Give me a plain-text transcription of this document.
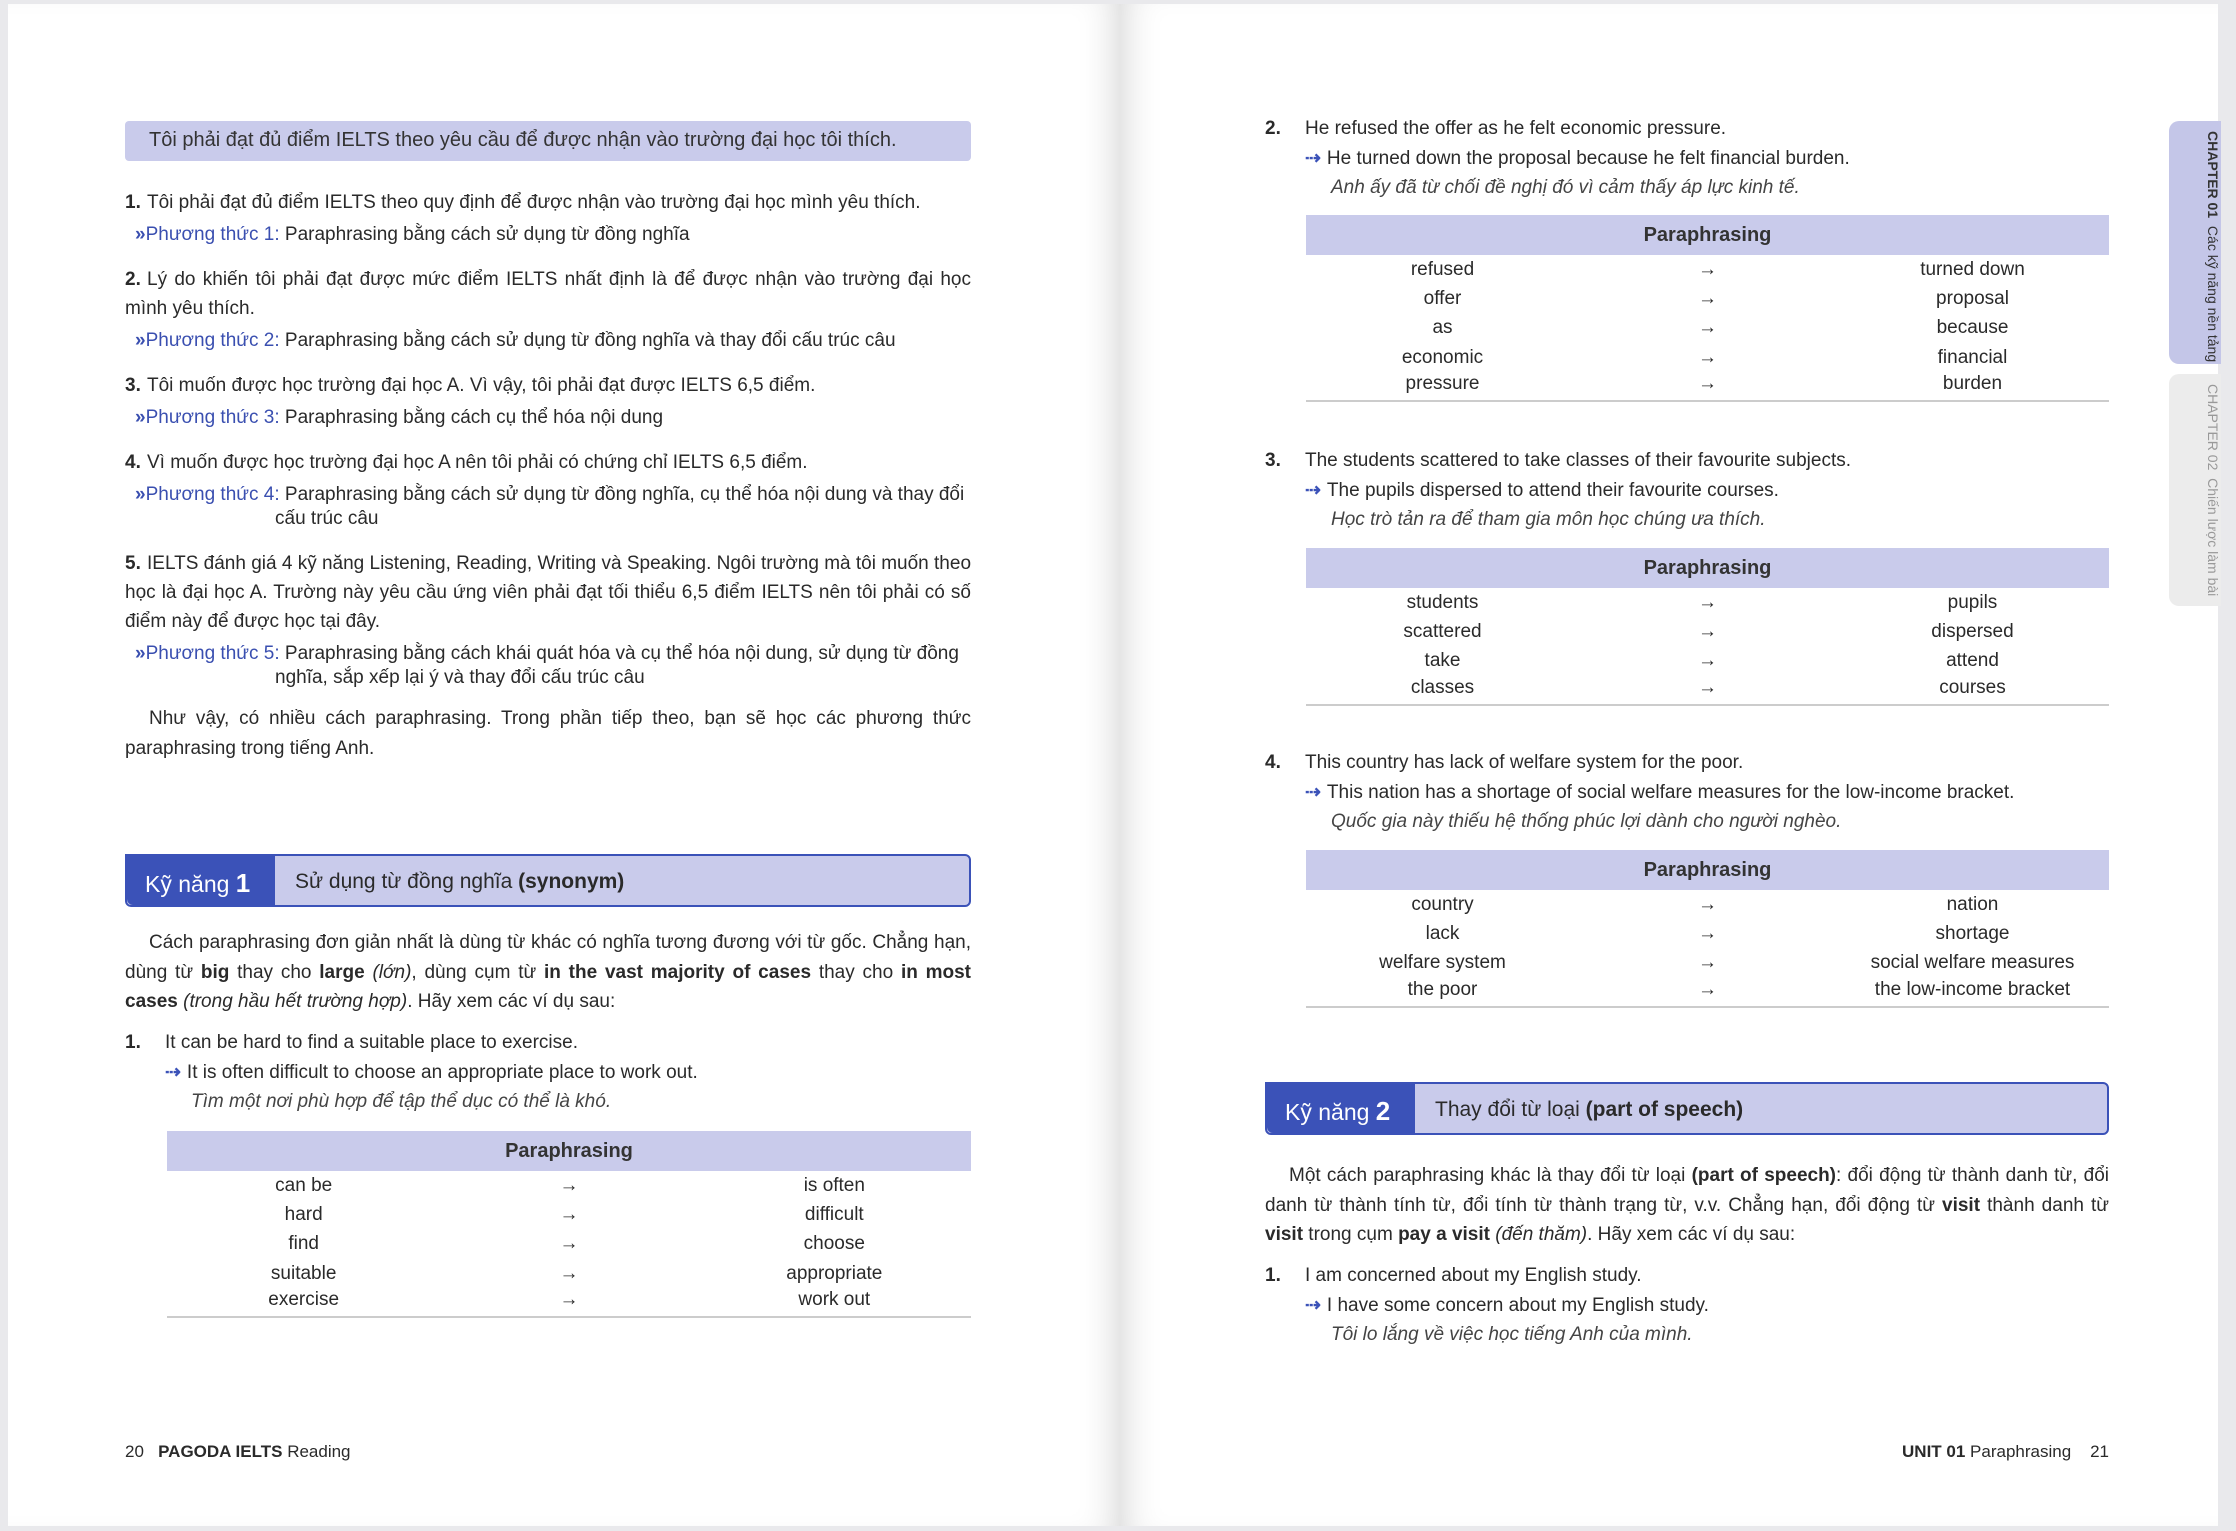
Tôi phải đạt đủ điểm IELTS theo yêu cầu để được nhận vào trường đại học tôi thích.
1. Tôi phải đạt đủ điểm IELTS theo quy định để được nhận vào trường đại học mình yêu thích.
»Phương thức 1: Paraphrasing bằng cách sử dụng từ đồng nghĩa
2. Lý do khiến tôi phải đạt được mức điểm IELTS nhất định là để được nhận vào trường đại học mình yêu thích.
»Phương thức 2: Paraphrasing bằng cách sử dụng từ đồng nghĩa và thay đổi cấu trúc câu
3. Tôi muốn được học trường đại học A. Vì vậy, tôi phải đạt được IELTS 6,5 điểm.
»Phương thức 3: Paraphrasing bằng cách cụ thể hóa nội dung
4. Vì muốn được học trường đại học A nên tôi phải có chứng chỉ IELTS 6,5 điểm.
»Phương thức 4: Paraphrasing bằng cách sử dụng từ đồng nghĩa, cụ thể hóa nội dung và thay đổi cấu trúc câu
5. IELTS đánh giá 4 kỹ năng Listening, Reading, Writing và Speaking. Ngôi trường mà tôi muốn theo học là đại học A. Trường này yêu cầu ứng viên phải đạt tối thiểu 6,5 điểm IELTS nên tôi phải có số điểm này để được học tại đây.
»Phương thức 5: Paraphrasing bằng cách khái quát hóa và cụ thể hóa nội dung, sử dụng từ đồng nghĩa, sắp xếp lại ý và thay đổi cấu trúc câu

Như vậy, có nhiều cách paraphrasing. Trong phần tiếp theo, bạn sẽ học các phương thức paraphrasing trong tiếng Anh.

Kỹ năng 1	Sử dụng từ đồng nghĩa (synonym)

Cách paraphrasing đơn giản nhất là dùng từ khác có nghĩa tương đương với từ gốc. Chẳng hạn, dùng từ big thay cho large (lớn), dùng cụm từ in the vast majority of cases thay cho in most cases (trong hầu hết trường hợp). Hãy xem các ví dụ sau:

1. It can be hard to find a suitable place to exercise.
⇢ It is often difficult to choose an appropriate place to work out.
Tìm một nơi phù hợp để tập thể dục có thể là khó.
20 PAGODA IELTS Reading
Kỹ năng 2	Thay đổi từ loại (part of speech)

Một cách paraphrasing khác là thay đổi từ loại (part of speech): đổi động từ thành danh từ, đổi danh từ thành tính từ, đổi tính từ thành trạng từ, v.v. Chẳng hạn, đổi động từ visit thành danh từ visit trong cụm pay a visit (đến thăm). Hãy xem các ví dụ sau:

1. I am concerned about my English study.
⇢ I have some concern about my English study.
Tôi lo lắng về việc học tiếng Anh của mình.
UNIT 01 Paraphrasing 21
CHAPTER 01  Các kỹ năng nền tảng
CHAPTER 02  Chiến lược làm bài
Paraphrasing		
can be	→	is often
hard	→	difficult
find	→	choose
suitable	→	appropriate
exercise	→	work out
2. He refused the offer as he felt economic pressure.
⇢ He turned down the proposal because he felt financial burden.
Anh ấy đã từ chối đề nghị đó vì cảm thấy áp lực kinh tế.
Paraphrasing		
refused	→	turned down
offer	→	proposal
as	→	because
economic	→	financial
pressure	→	burden
3. The students scattered to take classes of their favourite subjects.
⇢ The pupils dispersed to attend their favourite courses.
Học trò tản ra để tham gia môn học chúng ưa thích.
Paraphrasing		
students	→	pupils
scattered	→	dispersed
take	→	attend
classes	→	courses
4. This country has lack of welfare system for the poor.
⇢ This nation has a shortage of social welfare measures for the low-income bracket.
Quốc gia này thiếu hệ thống phúc lợi dành cho người nghèo.
Paraphrasing		
country	→	nation
lack	→	shortage
welfare system	→	social welfare measures
the poor	→	the low-income bracket
